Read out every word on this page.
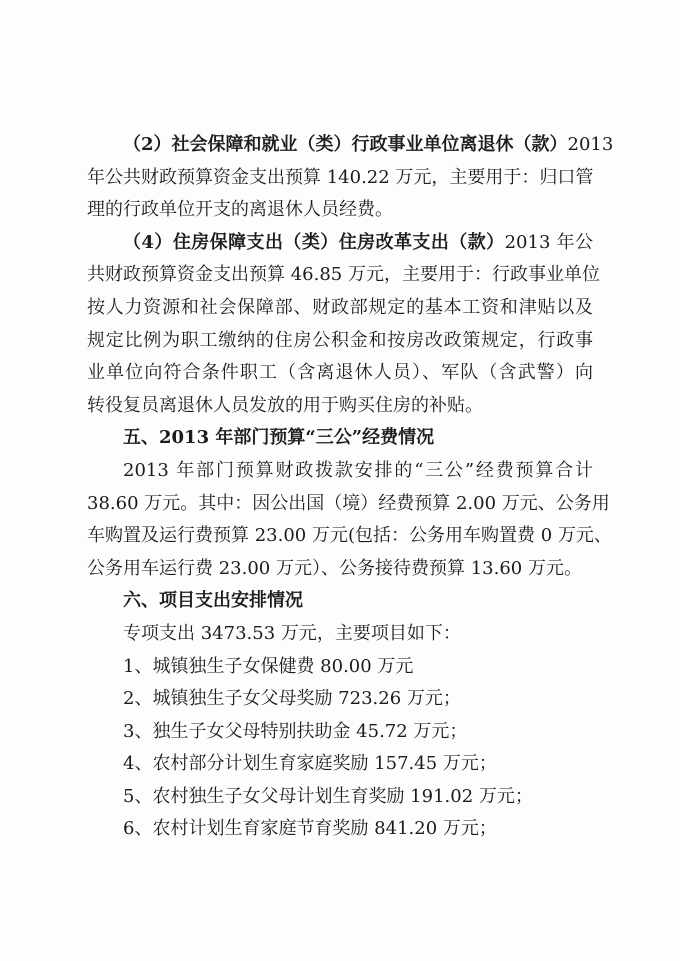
（2）社会保障和就业（类）行政事业单位离退休（款）2013
年公共财政预算资金支出预算 140.22 万元，主要用于：归口管
理的行政单位开支的离退休人员经费。
（4）住房保障支出（类）住房改革支出（款）2013 年公
共财政预算资金支出预算 46.85 万元，主要用于：行政事业单位
按人力资源和社会保障部、财政部规定的基本工资和津贴以及
规定比例为职工缴纳的住房公积金和按房改政策规定，行政事
业单位向符合条件职工（含离退休人员）、军队（含武警）向
转役复员离退休人员发放的用于购买住房的补贴。
五、2013 年部门预算“三公”经费情况
2013 年部门预算财政拨款安排的“三公”经费预算合计
38.60 万元。其中：因公出国（境）经费预算 2.00 万元、公务用
车购置及运行费预算 23.00 万元(包括：公务用车购置费 0 万元、
公务用车运行费 23.00 万元）、公务接待费预算 13.60 万元。
六、项目支出安排情况
专项支出 3473.53 万元，主要项目如下：
1、城镇独生子女保健费 80.00 万元
2、城镇独生子女父母奖励 723.26 万元；
3、独生子女父母特别扶助金 45.72 万元；
4、农村部分计划生育家庭奖励 157.45 万元；
5、农村独生子女父母计划生育奖励 191.02 万元；
6、农村计划生育家庭节育奖励 841.20 万元；
